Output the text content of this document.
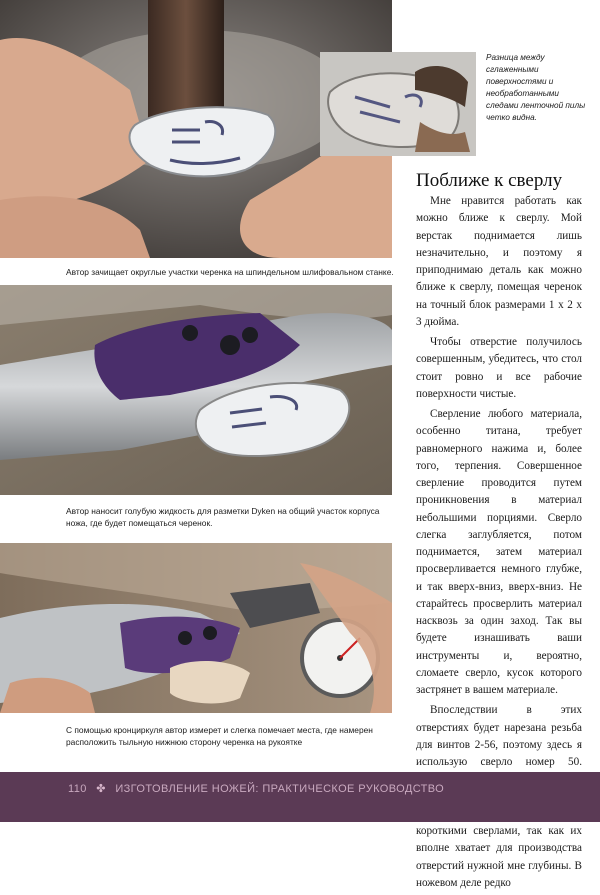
Разница между сглаженными поверхностями и необработанными следами ленточной пилы четко видна.
Автор зачищает округлые участки черенка на шпиндельном шлифовальном станке.
Автор наносит голубую жидкость для разметки Dyken на общий участок корпуса ножа, где будет помещаться черенок.
С помощью кронциркуля автор измерет и слегка помечает места, где намерен расположить тыльную нижнюю сторону черенка на рукоятке
Поближе к сверлу

Мне нравится работать как можно ближе к сверлу. Мой верстак поднимается лишь незначительно, и поэтому я приподнимаю деталь как можно ближе к сверлу, помещая черенок на точный блок размерами 1 х 2 х 3 дюйма.

Чтобы отверстие получилось совершенным, убедитесь, что стол стоит ровно и все рабочие поверхности чистые.

Сверление любого материала, особенно титана, требует равномерного нажима и, более того, терпения. Совершенное сверление проводится путем проникновения в материал небольшими порциями. Сверло слегка заглубляется, потом поднимается, затем материал просверливается немного глубже, и так вверх-вниз, вверх-вниз. Не старайтесь просверлить материал насквозь за один заход. Так вы будете изнашивать ваши инструменты и, вероятно, сломаете сверло, кусок которого застрянет в вашем материале.

Впоследствии в этих отверстиях будет нарезана резьба для винтов 2-56, поэтому здесь я использую сверло номер 50. короткими сверлами, так как их вполне хватает для производства отверстий нужной мне глубины. В ножевом деле редко

110 ✤ ИЗГОТОВЛЕНИЕ НОЖЕЙ: ПРАКТИЧЕСКОЕ РУКОВОДСТВО
